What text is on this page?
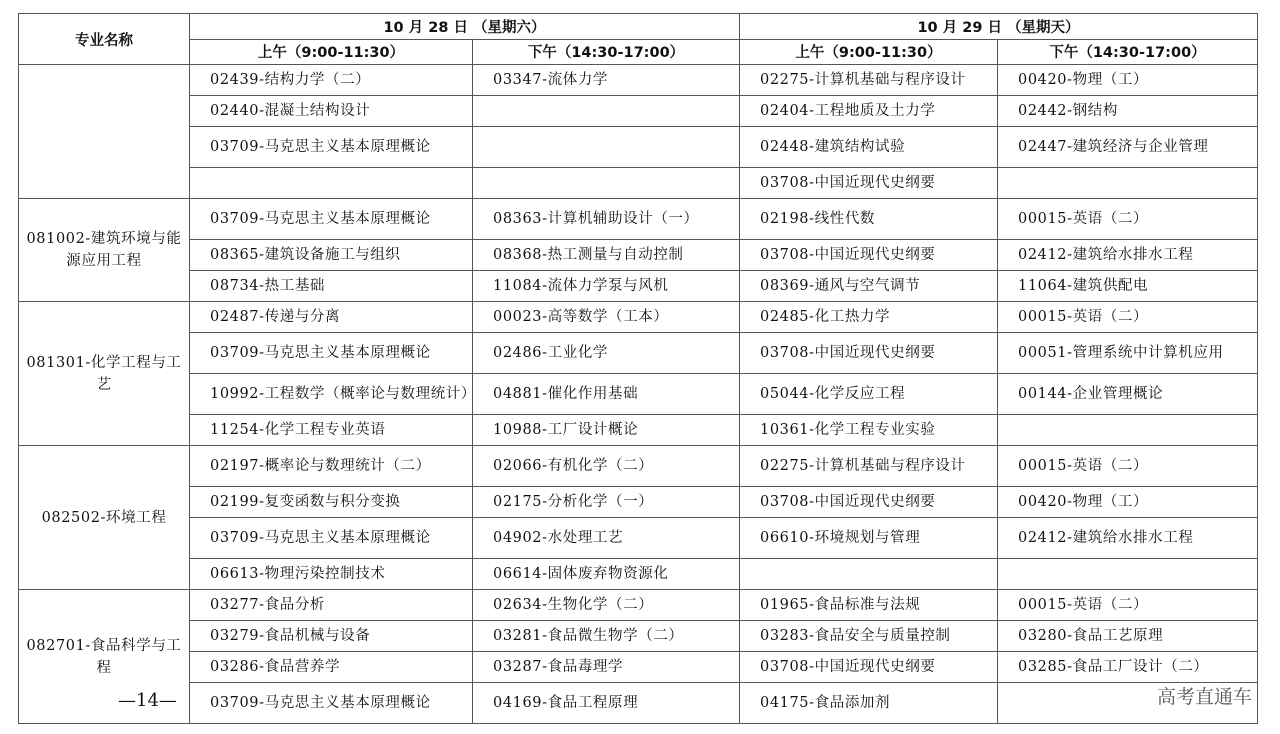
专业名称	10 月 28 日 （星期六）		10 月 29 日 （星期天）	
	上午（9:00-11:30）	下午（14:30-17:00）	上午（9:00-11:30）	下午（14:30-17:00）
	02439-结构力学（二）	03347-流体力学	02275-计算机基础与程序设计	00420-物理（工）
	02440-混凝土结构设计		02404-工程地质及土力学	02442-钢结构
	03709-马克思主义基本原理概论		02448-建筑结构试验	02447-建筑经济与企业管理
			03708-中国近现代史纲要	
081002-建筑环境与能源应用工程	03709-马克思主义基本原理概论	08363-计算机辅助设计（一）	02198-线性代数	00015-英语（二）
	08365-建筑设备施工与组织	08368-热工测量与自动控制	03708-中国近现代史纲要	02412-建筑给水排水工程
	08734-热工基础	11084-流体力学泵与风机	08369-通风与空气调节	11064-建筑供配电
081301-化学工程与工艺	02487-传递与分离	00023-高等数学（工本）	02485-化工热力学	00015-英语（二）
	03709-马克思主义基本原理概论	02486-工业化学	03708-中国近现代史纲要	00051-管理系统中计算机应用
	10992-工程数学（概率论与数理统计）	04881-催化作用基础	05044-化学反应工程	00144-企业管理概论
	11254-化学工程专业英语	10988-工厂设计概论	10361-化学工程专业实验	
082502-环境工程	02197-概率论与数理统计（二）	02066-有机化学（二）	02275-计算机基础与程序设计	00015-英语（二）
	02199-复变函数与积分变换	02175-分析化学（一）	03708-中国近现代史纲要	00420-物理（工）
	03709-马克思主义基本原理概论	04902-水处理工艺	06610-环境规划与管理	02412-建筑给水排水工程
	06613-物理污染控制技术	06614-固体废弃物资源化		
082701-食品科学与工程	03277-食品分析	02634-生物化学（二）	01965-食品标准与法规	00015-英语（二）
	03279-食品机械与设备	03281-食品微生物学（二）	03283-食品安全与质量控制	03280-食品工艺原理
	03286-食品营养学	03287-食品毒理学	03708-中国近现代史纲要	03285-食品工厂设计（二）
	03709-马克思主义基本原理概论	04169-食品工程原理	04175-食品添加剂	
—14—	高考直通车
